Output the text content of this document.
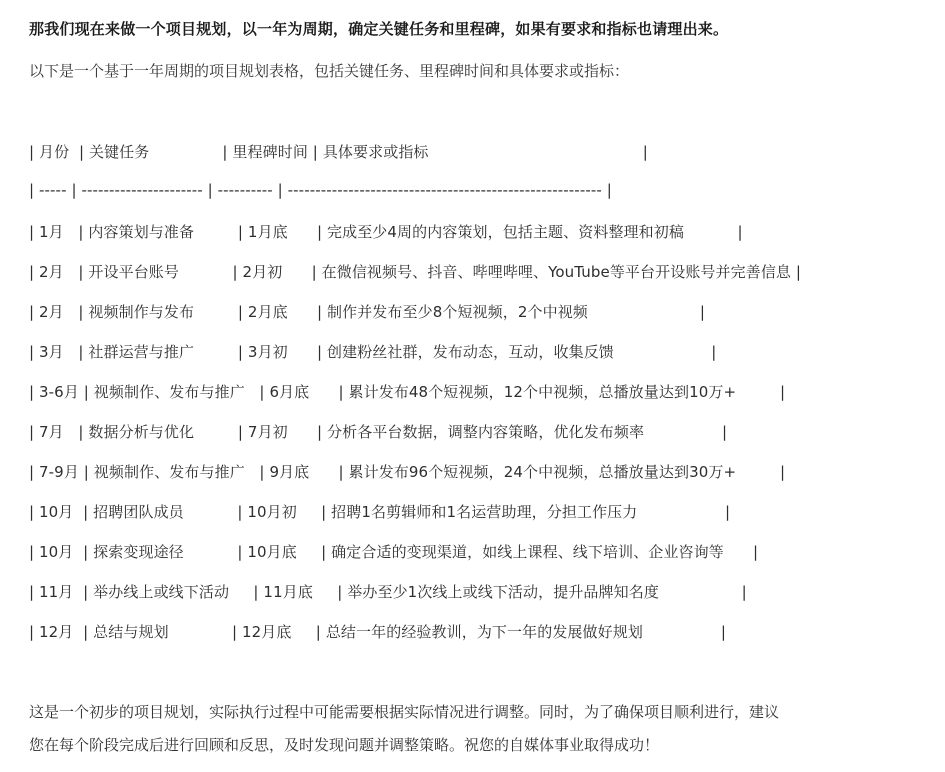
那我们现在来做一个项目规划，以一年为周期，确定关键任务和里程碑，如果有要求和指标也请理出来。
以下是一个基于一年周期的项目规划表格，包括关键任务、里程碑时间和具体要求或指标：
| 月份  | 关键任务               | 里程碑时间 | 具体要求或指标                                            |
| ----- | ---------------------- | ---------- | --------------------------------------------------------- |
| 1月   | 内容策划与准备         | 1月底      | 完成至少4周的内容策划，包括主题、资料整理和初稿           |
| 2月   | 开设平台账号           | 2月初      | 在微信视频号、抖音、哔哩哔哩、YouTube等平台开设账号并完善信息 |
| 2月   | 视频制作与发布         | 2月底      | 制作并发布至少8个短视频，2个中视频                       |
| 3月   | 社群运营与推广         | 3月初      | 创建粉丝社群，发布动态，互动，收集反馈                    |
| 3-6月 | 视频制作、发布与推广   | 6月底      | 累计发布48个短视频，12个中视频，总播放量达到10万+         |
| 7月   | 数据分析与优化         | 7月初      | 分析各平台数据，调整内容策略，优化发布频率                |
| 7-9月 | 视频制作、发布与推广   | 9月底      | 累计发布96个短视频，24个中视频，总播放量达到30万+         |
| 10月  | 招聘团队成员           | 10月初     | 招聘1名剪辑师和1名运营助理，分担工作压力                  |
| 10月  | 探索变现途径           | 10月底     | 确定合适的变现渠道，如线上课程、线下培训、企业咨询等      |
| 11月  | 举办线上或线下活动     | 11月底     | 举办至少1次线上或线下活动，提升品牌知名度                 |
| 12月  | 总结与规划             | 12月底     | 总结一年的经验教训，为下一年的发展做好规划                |
这是一个初步的项目规划，实际执行过程中可能需要根据实际情况进行调整。同时，为了确保项目顺利进行，建议
您在每个阶段完成后进行回顾和反思，及时发现问题并调整策略。祝您的自媒体事业取得成功！
